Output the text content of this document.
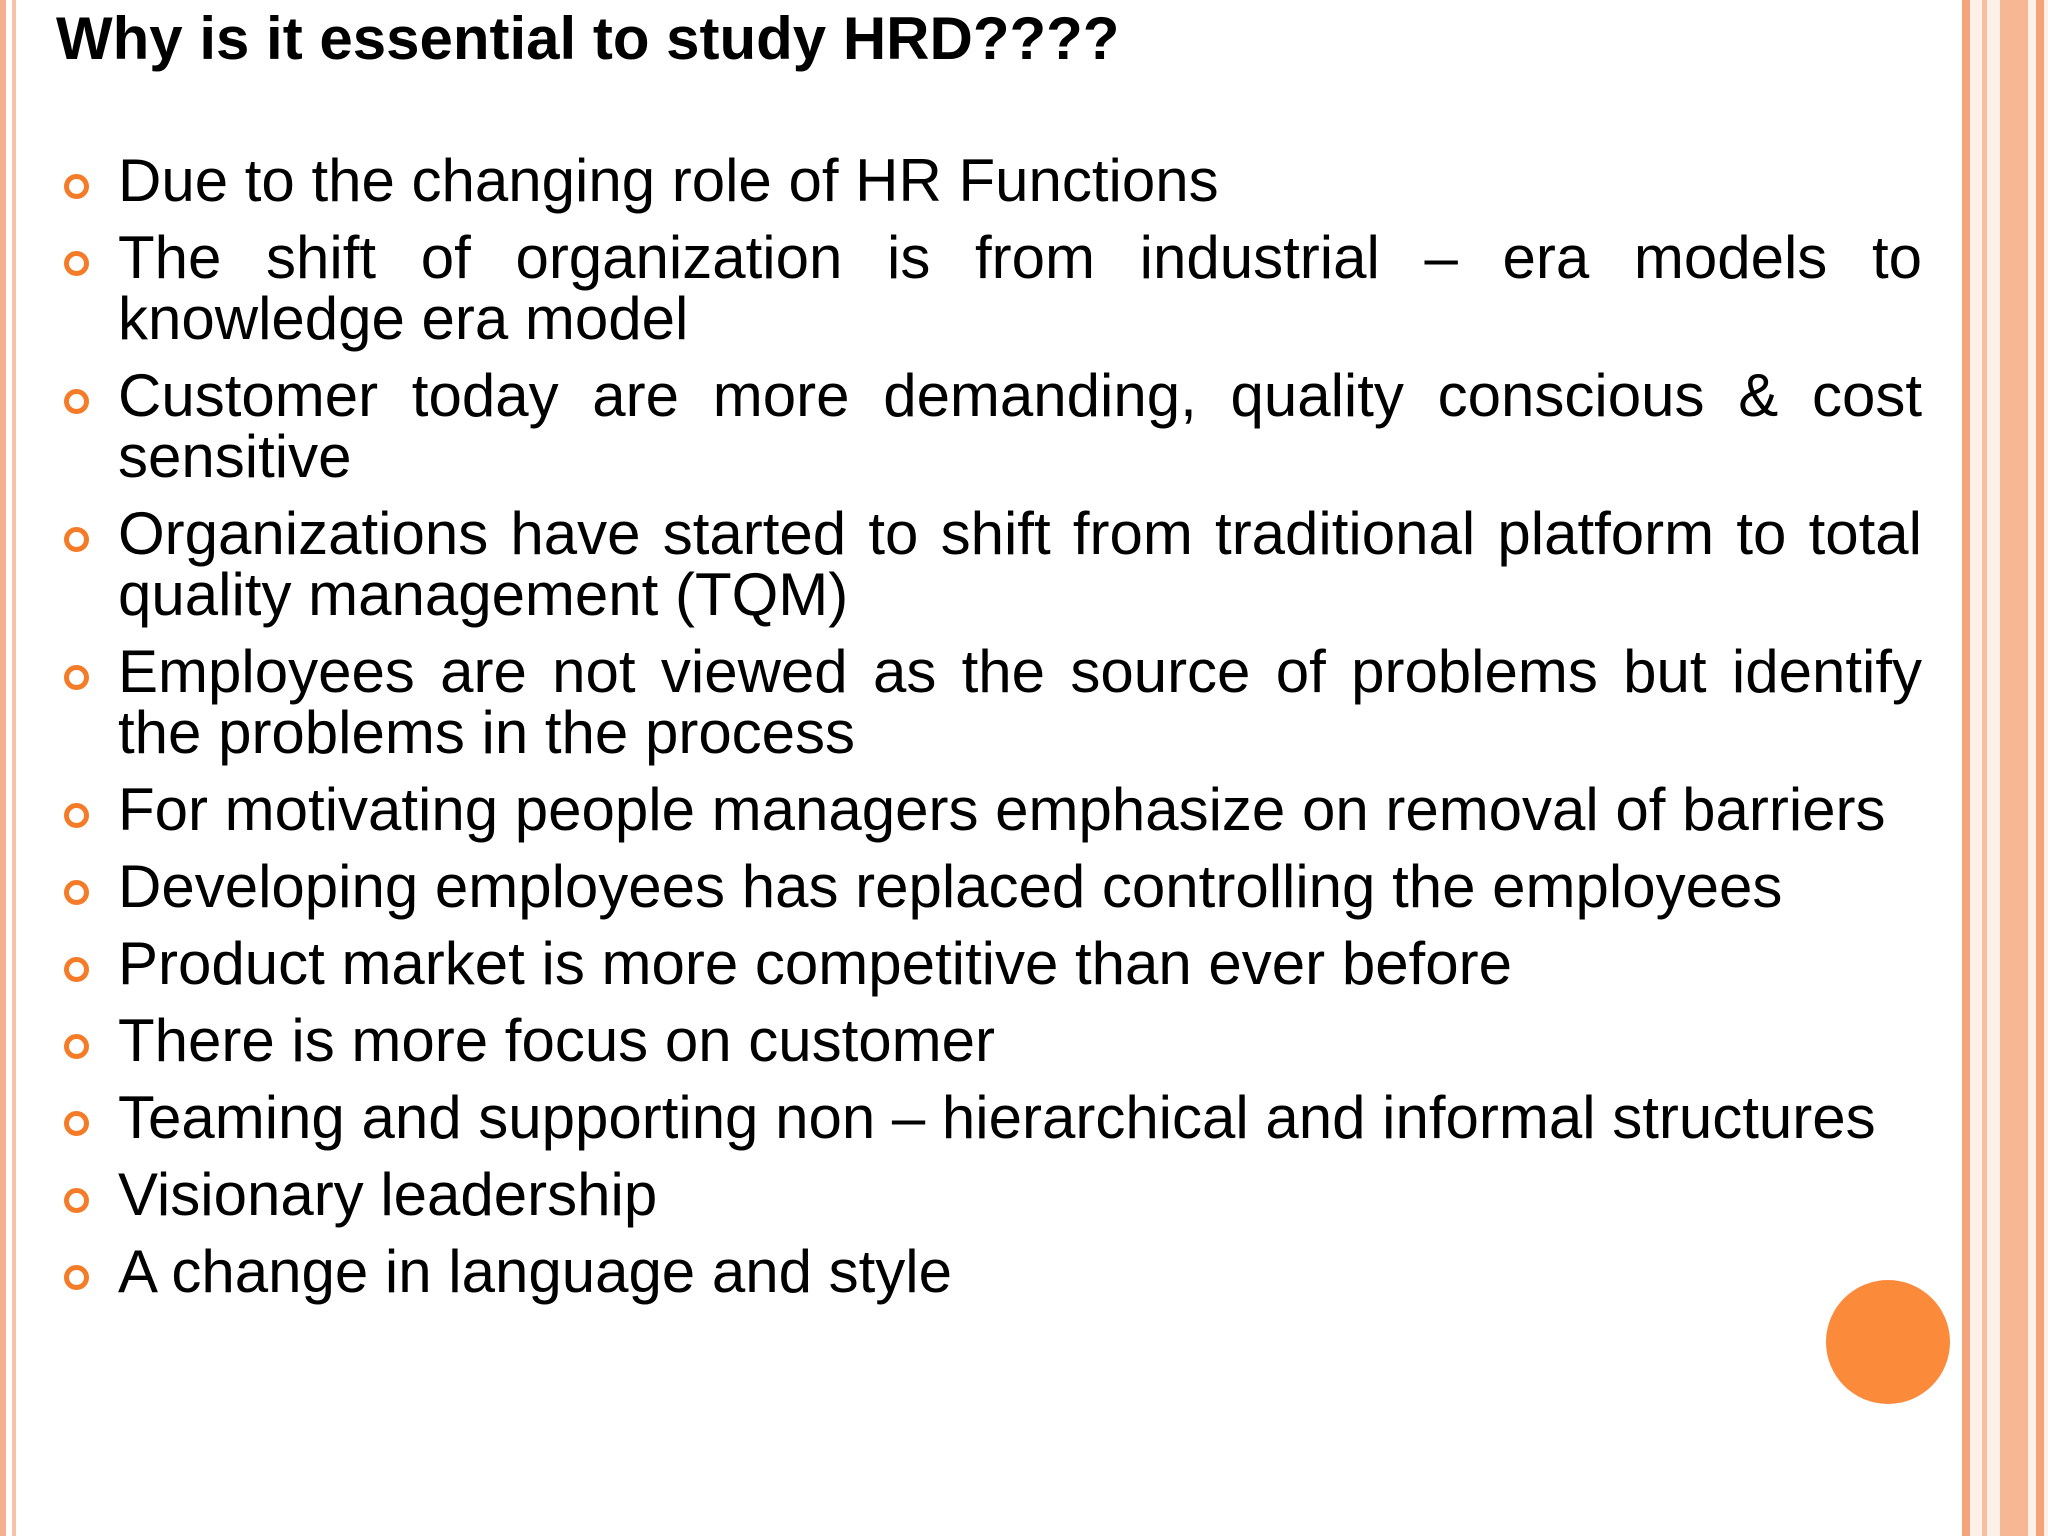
Why is it essential to study HRD????
Due to the changing role of HR Functions
The shift of organization is from industrial – era models to knowledge era model
Customer today are more demanding, quality conscious & cost sensitive
Organizations have started to shift from traditional platform to total quality management (TQM)
Employees are not viewed as the source of problems but identify the problems in the process
For motivating people managers emphasize on removal of barriers
Developing employees has replaced controlling the employees
Product market is more competitive than ever before
There is more focus on customer
Teaming and supporting non – hierarchical and informal structures
Visionary leadership
A change in language and style
